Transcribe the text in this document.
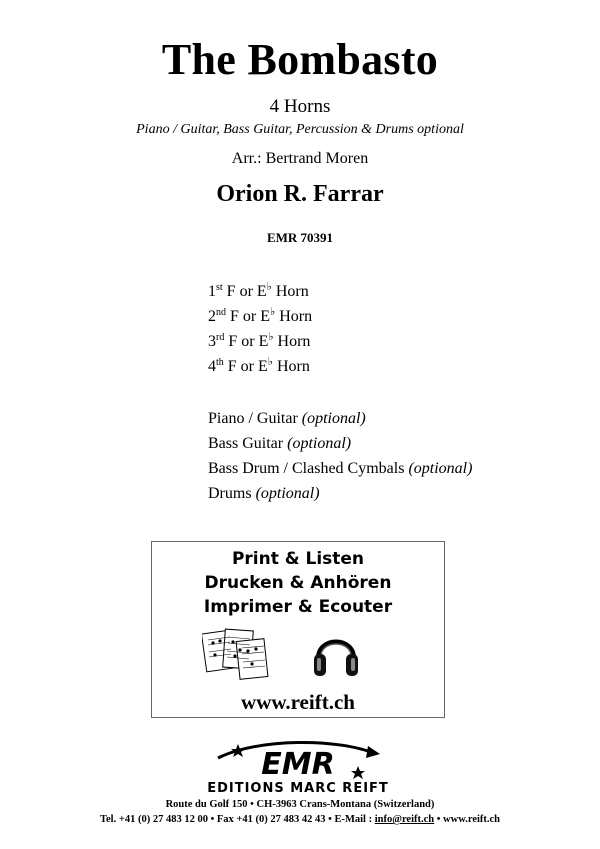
The Bombasto
4 Horns
Piano / Guitar, Bass Guitar, Percussion & Drums optional
Arr.: Bertrand Moren
Orion R. Farrar
EMR 70391
1st F or E♭ Horn
2nd F or E♭ Horn
3rd F or E♭ Horn
4th F or E♭ Horn
Piano / Guitar (optional)
Bass Guitar (optional)
Bass Drum / Clashed Cymbals (optional)
Drums (optional)
Print & Listen
Drucken & Anhören
Imprimer & Ecouter
www.reift.ch
EMR
EDITIONS MARC REIFT
Route du Golf 150 • CH-3963 Crans-Montana (Switzerland)
Tel. +41 (0) 27 483 12 00 • Fax +41 (0) 27 483 42 43 • E-Mail : info@reift.ch • www.reift.ch
